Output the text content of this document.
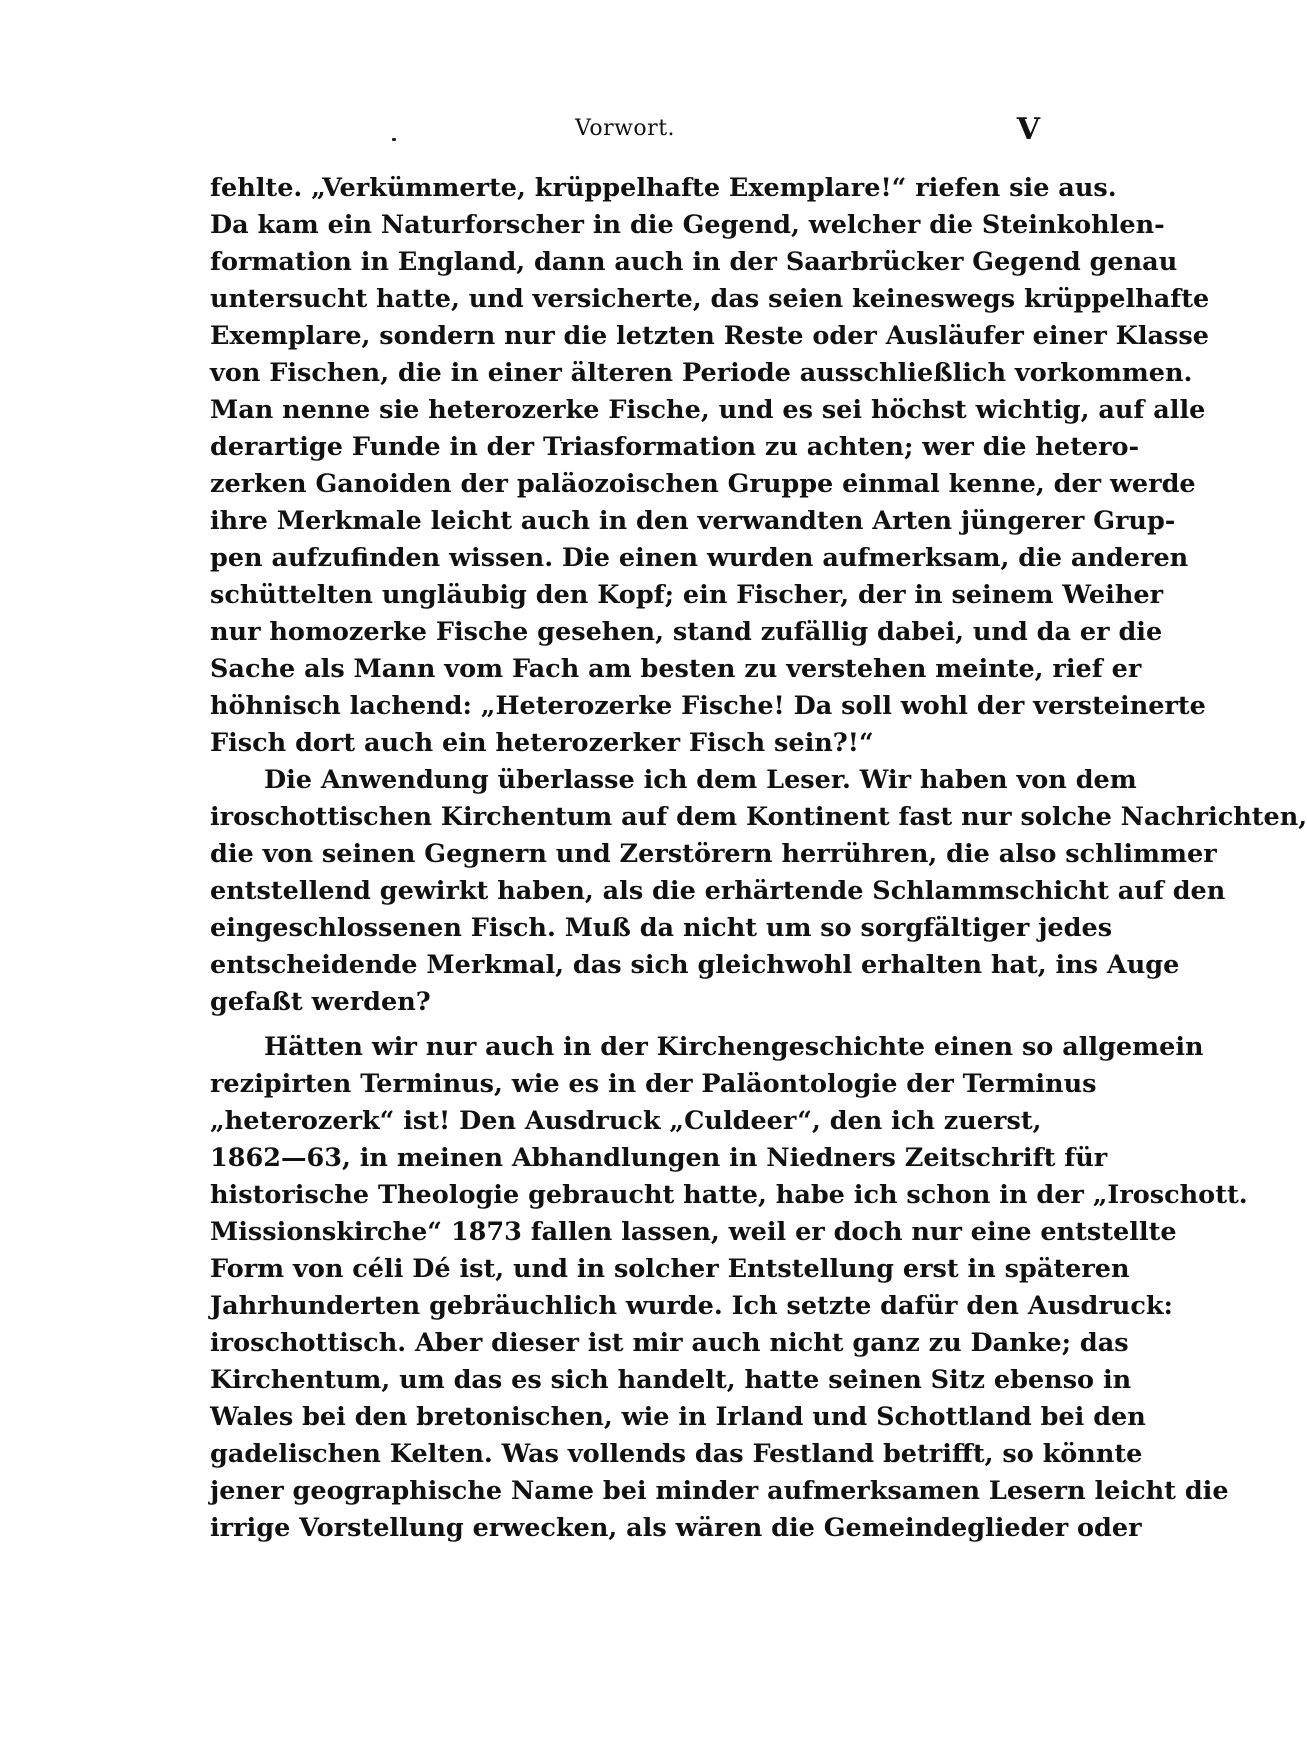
Vorwort.	V

fehlte. „Verkümmerte, krüppelhafte Exemplare!“ riefen sie aus.
Da kam ein Naturforscher in die Gegend, welcher die Steinkohlen-
formation in England, dann auch in der Saarbrücker Gegend genau
untersucht hatte, und versicherte, das seien keineswegs krüppelhafte
Exemplare, sondern nur die letzten Reste oder Ausläufer einer Klasse
von Fischen, die in einer älteren Periode ausschließlich vorkommen.
Man nenne sie heterozerke Fische, und es sei höchst wichtig, auf alle
derartige Funde in der Triasformation zu achten; wer die hetero-
zerken Ganoiden der paläozoischen Gruppe einmal kenne, der werde
ihre Merkmale leicht auch in den verwandten Arten jüngerer Grup-
pen aufzufinden wissen. Die einen wurden aufmerksam, die anderen
schüttelten ungläubig den Kopf; ein Fischer, der in seinem Weiher
nur homozerke Fische gesehen, stand zufällig dabei, und da er die
Sache als Mann vom Fach am besten zu verstehen meinte, rief er
höhnisch lachend: „Heterozerke Fische! Da soll wohl der versteinerte
Fisch dort auch ein heterozerker Fisch sein?!“

Die Anwendung überlasse ich dem Leser. Wir haben von dem
iroschottischen Kirchentum auf dem Kontinent fast nur solche Nachrichten,
die von seinen Gegnern und Zerstörern herrühren, die also schlimmer
entstellend gewirkt haben, als die erhärtende Schlammschicht auf den
eingeschlossenen Fisch. Muß da nicht um so sorgfältiger jedes
entscheidende Merkmal, das sich gleichwohl erhalten hat, ins Auge
gefaßt werden?

Hätten wir nur auch in der Kirchengeschichte einen so allgemein
rezipirten Terminus, wie es in der Paläontologie der Terminus
„heterozerk“ ist! Den Ausdruck „Culdeer“, den ich zuerst,
1862—63, in meinen Abhandlungen in Niedners Zeitschrift für
historische Theologie gebraucht hatte, habe ich schon in der „Iroschott.
Missionskirche“ 1873 fallen lassen, weil er doch nur eine entstellte
Form von céli Dé ist, und in solcher Entstellung erst in späteren
Jahrhunderten gebräuchlich wurde. Ich setzte dafür den Ausdruck:
iroschottisch. Aber dieser ist mir auch nicht ganz zu Danke; das
Kirchentum, um das es sich handelt, hatte seinen Sitz ebenso in
Wales bei den bretonischen, wie in Irland und Schottland bei den
gadelischen Kelten. Was vollends das Festland betrifft, so könnte
jener geographische Name bei minder aufmerksamen Lesern leicht die
irrige Vorstellung erwecken, als wären die Gemeindeglieder oder
